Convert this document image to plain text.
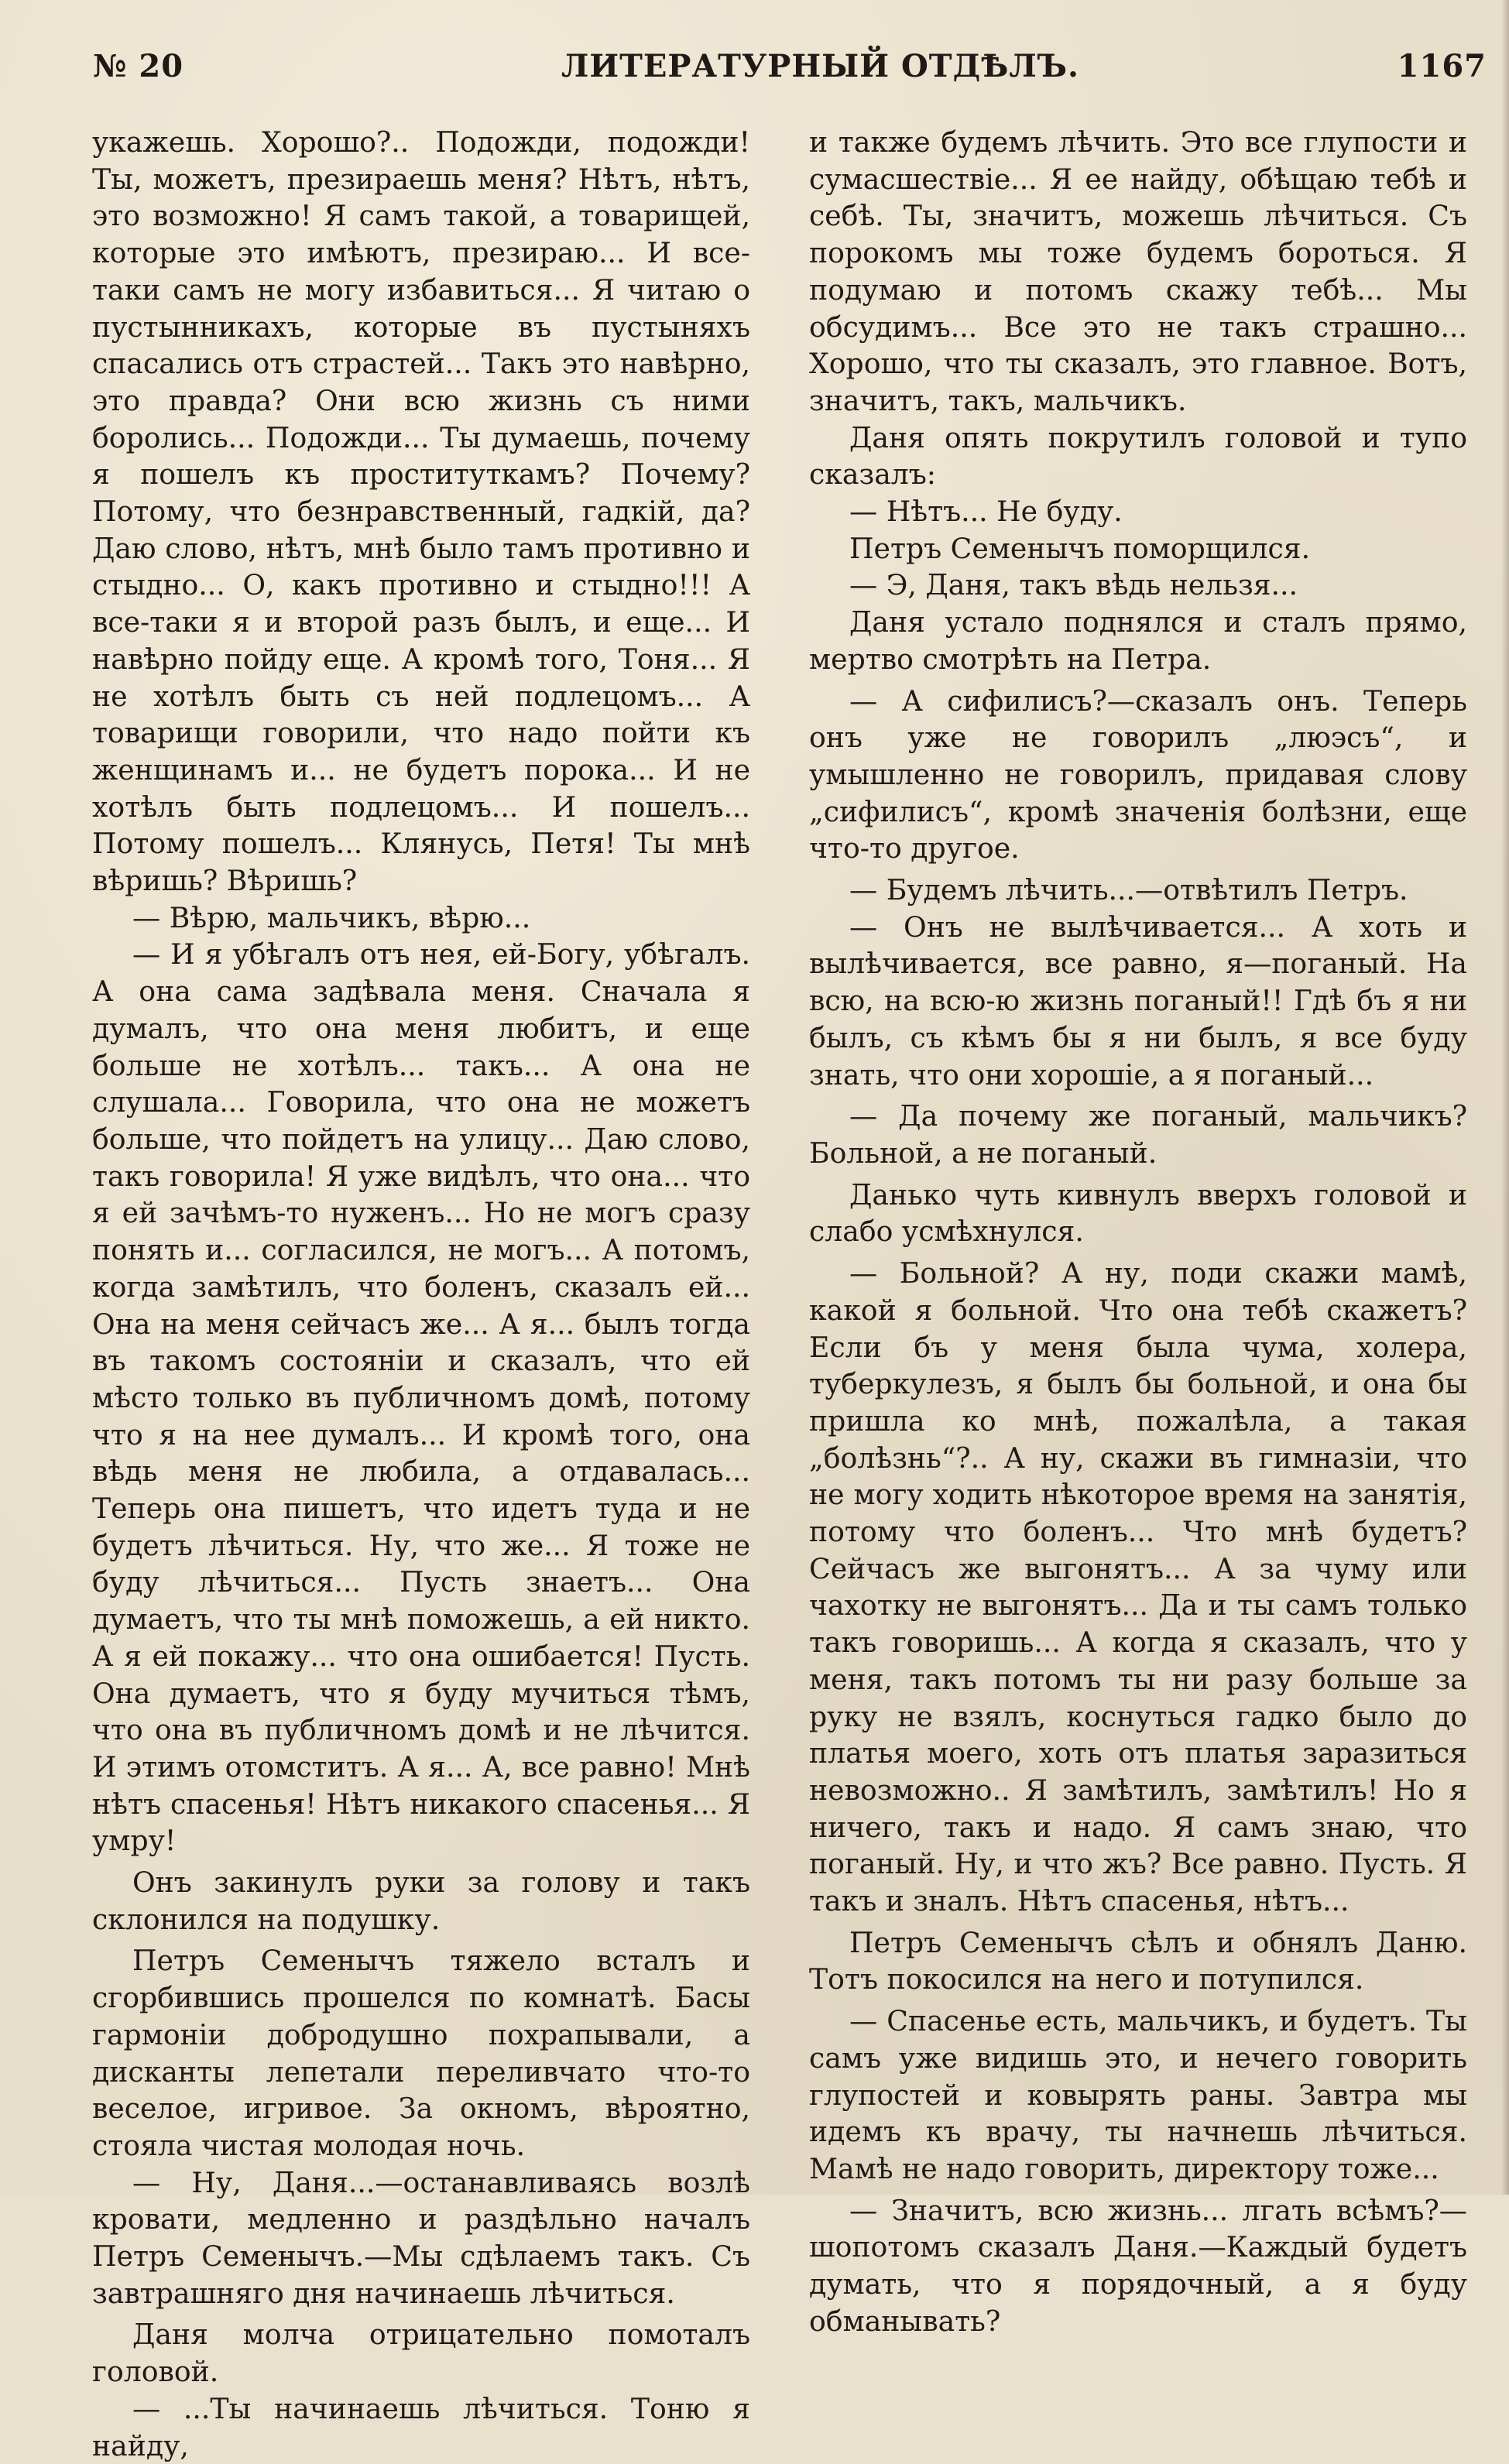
№ 20	ЛИТЕРАТУРНЫЙ ОТДѢЛЪ.	1167

укажешь. Хорошо?.. Подожди, подожди! Ты, можетъ, презираешь меня? Нѣтъ, нѣтъ, это возможно! Я самъ такой, а товарищей, которые это имѣютъ, презираю... И все-таки самъ не могу избавиться... Я читаю о пустынникахъ, которые въ пустыняхъ спасались отъ страстей... Такъ это навѣрно, это правда? Они всю жизнь съ ними боролись... Подожди... Ты думаешь, почему я пошелъ къ проституткамъ? Почему? Потому, что безнравственный, гадкій, да? Даю слово, нѣтъ, мнѣ было тамъ противно и стыдно... О, какъ противно и стыдно!!! А все-таки я и второй разъ былъ, и еще... И навѣрно пойду еще. А кромѣ того, Тоня... Я не хотѣлъ быть съ ней подлецомъ... А товарищи говорили, что надо пойти къ женщинамъ и... не будетъ порока... И не хотѣлъ быть подлецомъ... И пошелъ... Потому пошелъ... Клянусь, Петя! Ты мнѣ вѣришь? Вѣришь?

— Вѣрю, мальчикъ, вѣрю...

— И я убѣгалъ отъ нея, ей-Богу, убѣгалъ. А она сама задѣвала меня. Сначала я думалъ, что она меня любитъ, и еще больше не хотѣлъ... такъ... А она не слушала... Говорила, что она не можетъ больше, что пойдетъ на улицу... Даю слово, такъ говорила! Я уже видѣлъ, что она... что я ей зачѣмъ-то нуженъ... Но не могъ сразу понять и... согласился, не могъ... А потомъ, когда замѣтилъ, что боленъ, сказалъ ей... Она на меня сейчасъ же... А я... былъ тогда въ такомъ состояніи и сказалъ, что ей мѣсто только въ публичномъ домѣ, потому что я на нее думалъ... И кромѣ того, она вѣдь меня не любила, а отдавалась... Теперь она пишетъ, что идетъ туда и не будетъ лѣчиться. Ну, что же... Я тоже не буду лѣчиться... Пусть знаетъ... Она думаетъ, что ты мнѣ поможешь, а ей никто. А я ей покажу... что она ошибается! Пусть. Она думаетъ, что я буду мучиться тѣмъ, что она въ публичномъ домѣ и не лѣчится. И этимъ отомститъ. А я... А, все равно! Мнѣ нѣтъ спасенья! Нѣтъ никакого спасенья... Я умру!

Онъ закинулъ руки за голову и такъ склонился на подушку.

Петръ Семенычъ тяжело всталъ и сгорбившись прошелся по комнатѣ. Басы гармоніи добродушно похрапывали, а дисканты лепетали переливчато что-то веселое, игривое. За окномъ, вѣроятно, стояла чистая молодая ночь.

— Ну, Даня...—останавливаясь возлѣ кровати, медленно и раздѣльно началъ Петръ Семенычъ.—Мы сдѣлаемъ такъ. Съ завтрашняго дня начинаешь лѣчиться.

Даня молча отрицательно помоталъ головой.

— ...Ты начинаешь лѣчиться. Тоню я найду,

и также будемъ лѣчить. Это все глупости и сумасшествіе... Я ее найду, обѣщаю тебѣ и себѣ. Ты, значитъ, можешь лѣчиться. Съ порокомъ мы тоже будемъ бороться. Я подумаю и потомъ скажу тебѣ... Мы обсудимъ... Все это не такъ страшно... Хорошо, что ты сказалъ, это главное. Вотъ, значитъ, такъ, мальчикъ.

Даня опять покрутилъ головой и тупо сказалъ:

— Нѣтъ... Не буду.

Петръ Семенычъ поморщился.

— Э, Даня, такъ вѣдь нельзя...

Даня устало поднялся и сталъ прямо, мертво смотрѣть на Петра.

— А сифилисъ?—сказалъ онъ. Теперь онъ уже не говорилъ „люэсъ“, и умышленно не говорилъ, придавая слову „сифилисъ“, кромѣ значенія болѣзни, еще что-то другое.

— Будемъ лѣчить...—отвѣтилъ Петръ.

— Онъ не вылѣчивается... А хоть и вылѣчивается, все равно, я—поганый. На всю, на всю-ю жизнь поганый!! Гдѣ бъ я ни былъ, съ кѣмъ бы я ни былъ, я все буду знать, что они хорошіе, а я поганый...

— Да почему же поганый, мальчикъ? Больной, а не поганый.

Данько чуть кивнулъ вверхъ головой и слабо усмѣхнулся.

— Больной? А ну, поди скажи мамѣ, какой я больной. Что она тебѣ скажетъ? Если бъ у меня была чума, холера, туберкулезъ, я былъ бы больной, и она бы пришла ко мнѣ, пожалѣла, а такая „болѣзнь“?.. А ну, скажи въ гимназіи, что не могу ходить нѣкоторое время на занятія, потому что боленъ... Что мнѣ будетъ? Сейчасъ же выгонятъ... А за чуму или чахотку не выгонятъ... Да и ты самъ только такъ говоришь... А когда я сказалъ, что у меня, такъ потомъ ты ни разу больше за руку не взялъ, коснуться гадко было до платья моего, хоть отъ платья заразиться невозможно.. Я замѣтилъ, замѣтилъ! Но я ничего, такъ и надо. Я самъ знаю, что поганый. Ну, и что жъ? Все равно. Пусть. Я такъ и зналъ. Нѣтъ спасенья, нѣтъ...

Петръ Семенычъ сѣлъ и обнялъ Даню. Тотъ покосился на него и потупился.

— Спасенье есть, мальчикъ, и будетъ. Ты самъ уже видишь это, и нечего говорить глупостей и ковырять раны. Завтра мы идемъ къ врачу, ты начнешь лѣчиться. Мамѣ не надо говорить, директору тоже...

— Значитъ, всю жизнь... лгать всѣмъ?—шопотомъ сказалъ Даня.—Каждый будетъ думать, что я порядочный, а я буду обманывать?
